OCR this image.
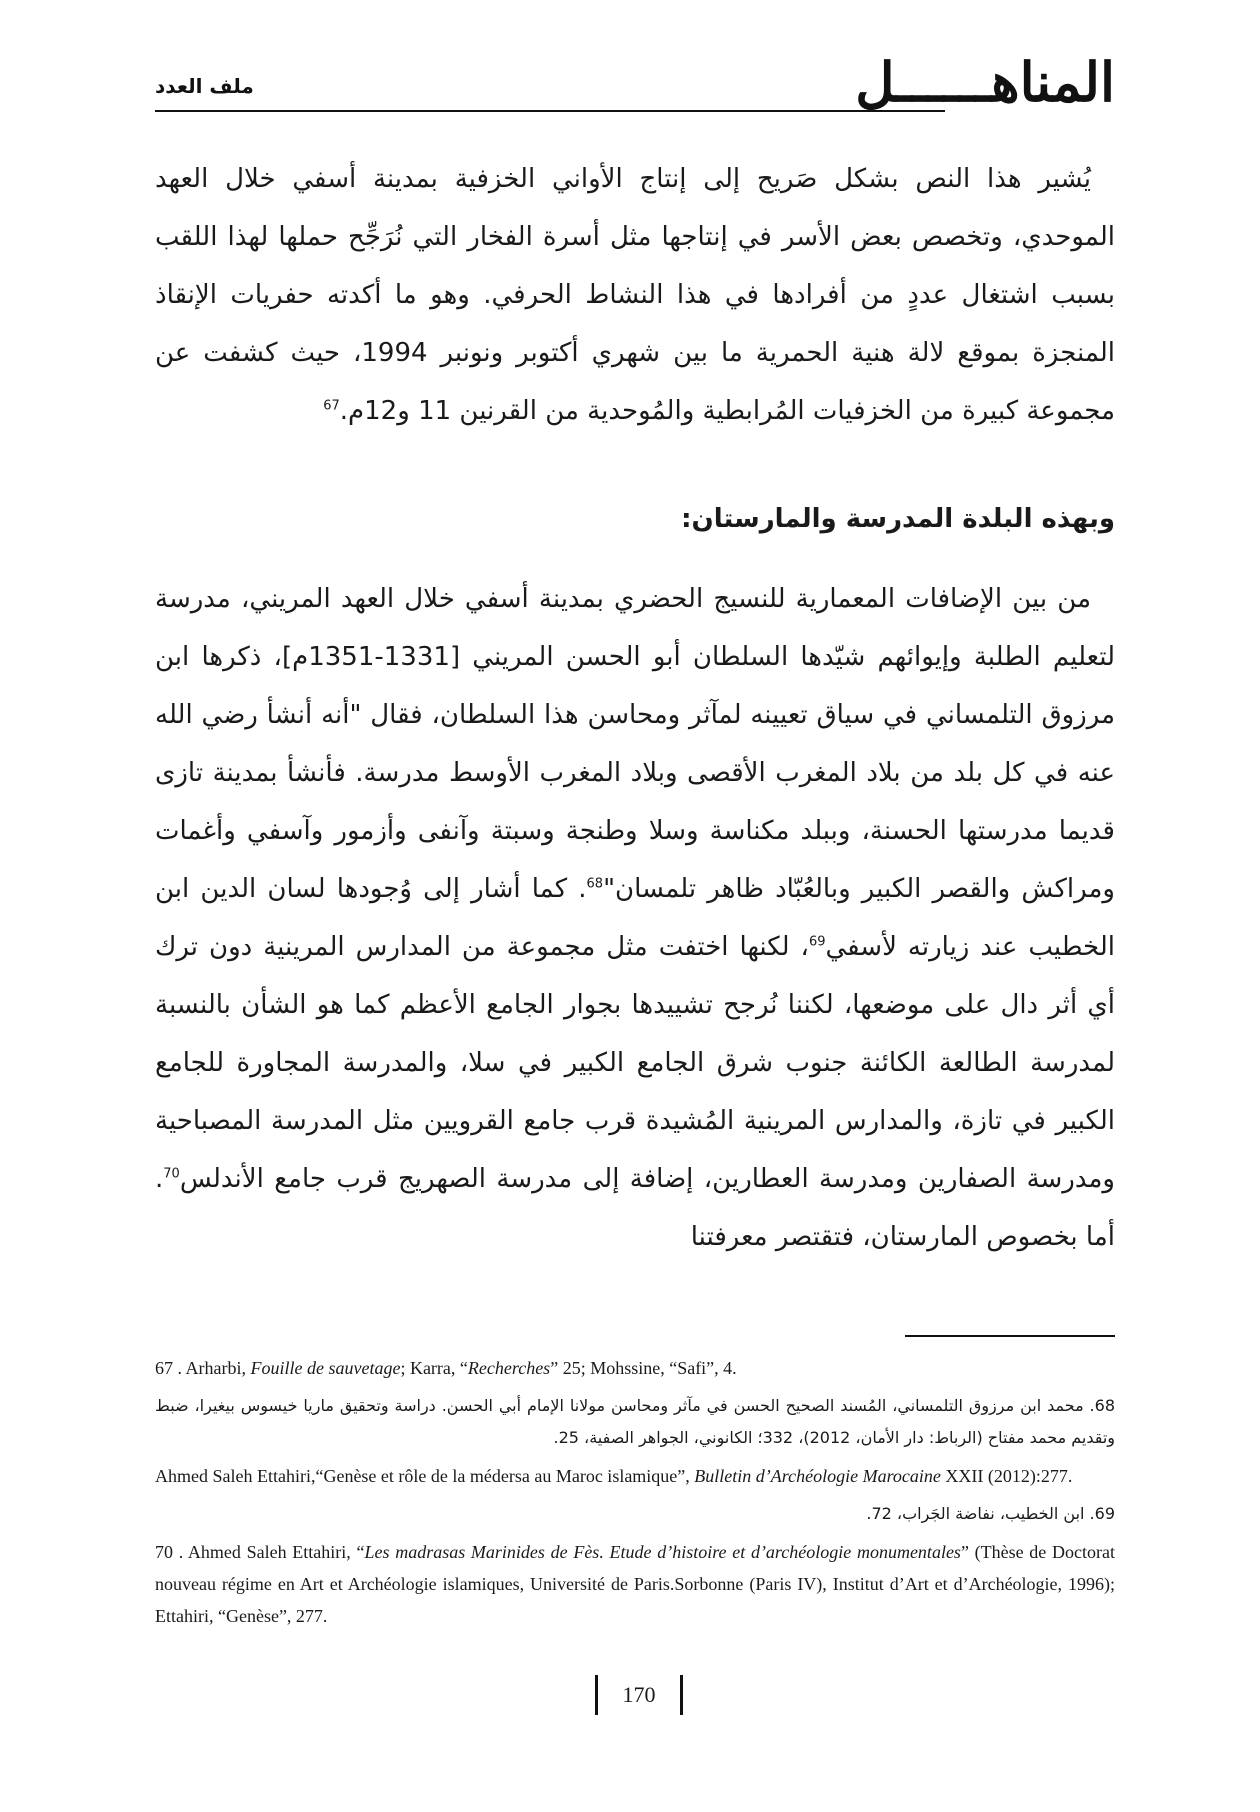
المناهــــــل
ملف العدد

يُشير هذا النص بشكل صَريح إلى إنتاج الأواني الخزفية بمدينة أسفي خلال العهد الموحدي، وتخصص بعض الأسر في إنتاجها مثل أسرة الفخار التي نُرَجِّح حملها لهذا اللقب بسبب اشتغال عددٍ من أفرادها في هذا النشاط الحرفي. وهو ما أكدته حفريات الإنقاذ المنجزة بموقع لالة هنية الحمرية ما بين شهري أكتوبر ونونبر 1994، حيث كشفت عن مجموعة كبيرة من الخزفيات المُرابطية والمُوحدية من القرنين 11 و12م.$^{67}$

وبهذه البلدة المدرسة والمارستان:

من بين الإضافات المعمارية للنسيج الحضري بمدينة أسفي خلال العهد المريني، مدرسة لتعليم الطلبة وإيوائهم شيّدها السلطان أبو الحسن المريني [1331-1351م]، ذكرها ابن مرزوق التلمساني في سياق تعيينه لمآثر ومحاسن هذا السلطان، فقال "أنه أنشأ رضي الله عنه في كل بلد من بلاد المغرب الأقصى وبلاد المغرب الأوسط مدرسة. فأنشأ بمدينة تازى قديما مدرستها الحسنة، وببلد مكناسة وسلا وطنجة وسبتة وآنفى وأزمور وآسفي وأغمات ومراكش والقصر الكبير وبالعُبّاد ظاهر تلمسان"$^{68}$. كما أشار إلى وُجودها لسان الدين ابن الخطيب عند زيارته لأسفي$^{69}$، لكنها اختفت مثل مجموعة من المدارس المرينية دون ترك أي أثر دال على موضعها، لكننا نُرجح تشييدها بجوار الجامع الأعظم كما هو الشأن بالنسبة لمدرسة الطالعة الكائنة جنوب شرق الجامع الكبير في سلا، والمدرسة المجاورة للجامع الكبير في تازة، والمدارس المرينية المُشيدة قرب جامع القرويين مثل المدرسة المصباحية ومدرسة الصفارين ومدرسة العطارين، إضافة إلى مدرسة الصهريج قرب جامع الأندلس$^{70}$. أما بخصوص المارستان، فتقتصر معرفتنا

67 . Arharbi, Fouille de sauvetage; Karra, “Recherches” 25; Mohssine, “Safi”, 4.

68. محمد ابن مرزوق التلمساني، المُسند الصحيح الحسن في مآثر ومحاسن مولانا الإمام أبي الحسن. دراسة وتحقيق ماريا خيسوس بيغيرا، ضبط وتقديم محمد مفتاح (الرباط: دار الأمان، 2012)، 332؛ الكانوني، الجواهر الصفية، 25.

Ahmed Saleh Ettahiri,“Genèse et rôle de la médersa au Maroc islamique”, Bulletin d’Archéologie Marocaine XXII (2012):277.

69. ابن الخطيب، نفاضة الجَراب، 72.

70 . Ahmed Saleh Ettahiri, “Les madrasas Marinides de Fès. Etude d’histoire et d’archéologie monumentales” (Thèse de Doctorat nouveau régime en Art et Archéologie islamiques, Université de Paris.Sorbonne (Paris IV), Institut d’Art et d’Archéologie, 1996); Ettahiri, “Genèse”, 277.

170
